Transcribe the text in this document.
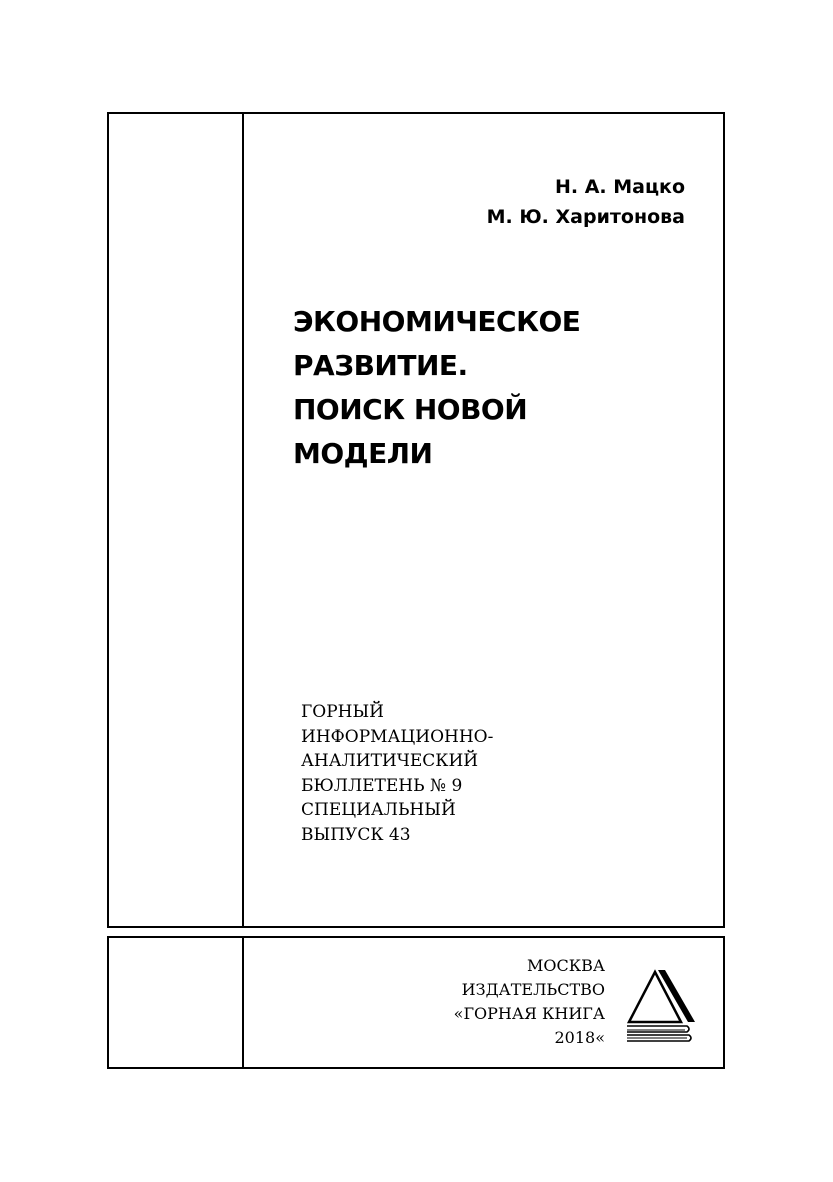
Н. А. Мацко
М. Ю. Харитонова
ЭКОНОМИЧЕСКОЕ
РАЗВИТИЕ.
ПОИСК НОВОЙ
МОДЕЛИ
ГОРНЫЙ
ИНФОРМАЦИОННО-
АНАЛИТИЧЕСКИЙ
БЮЛЛЕТЕНЬ № 9
СПЕЦИАЛЬНЫЙ
ВЫПУСК 43
МОСКВА
ИЗДАТЕЛЬСТВО
«ГОРНАЯ КНИГА
2018«
